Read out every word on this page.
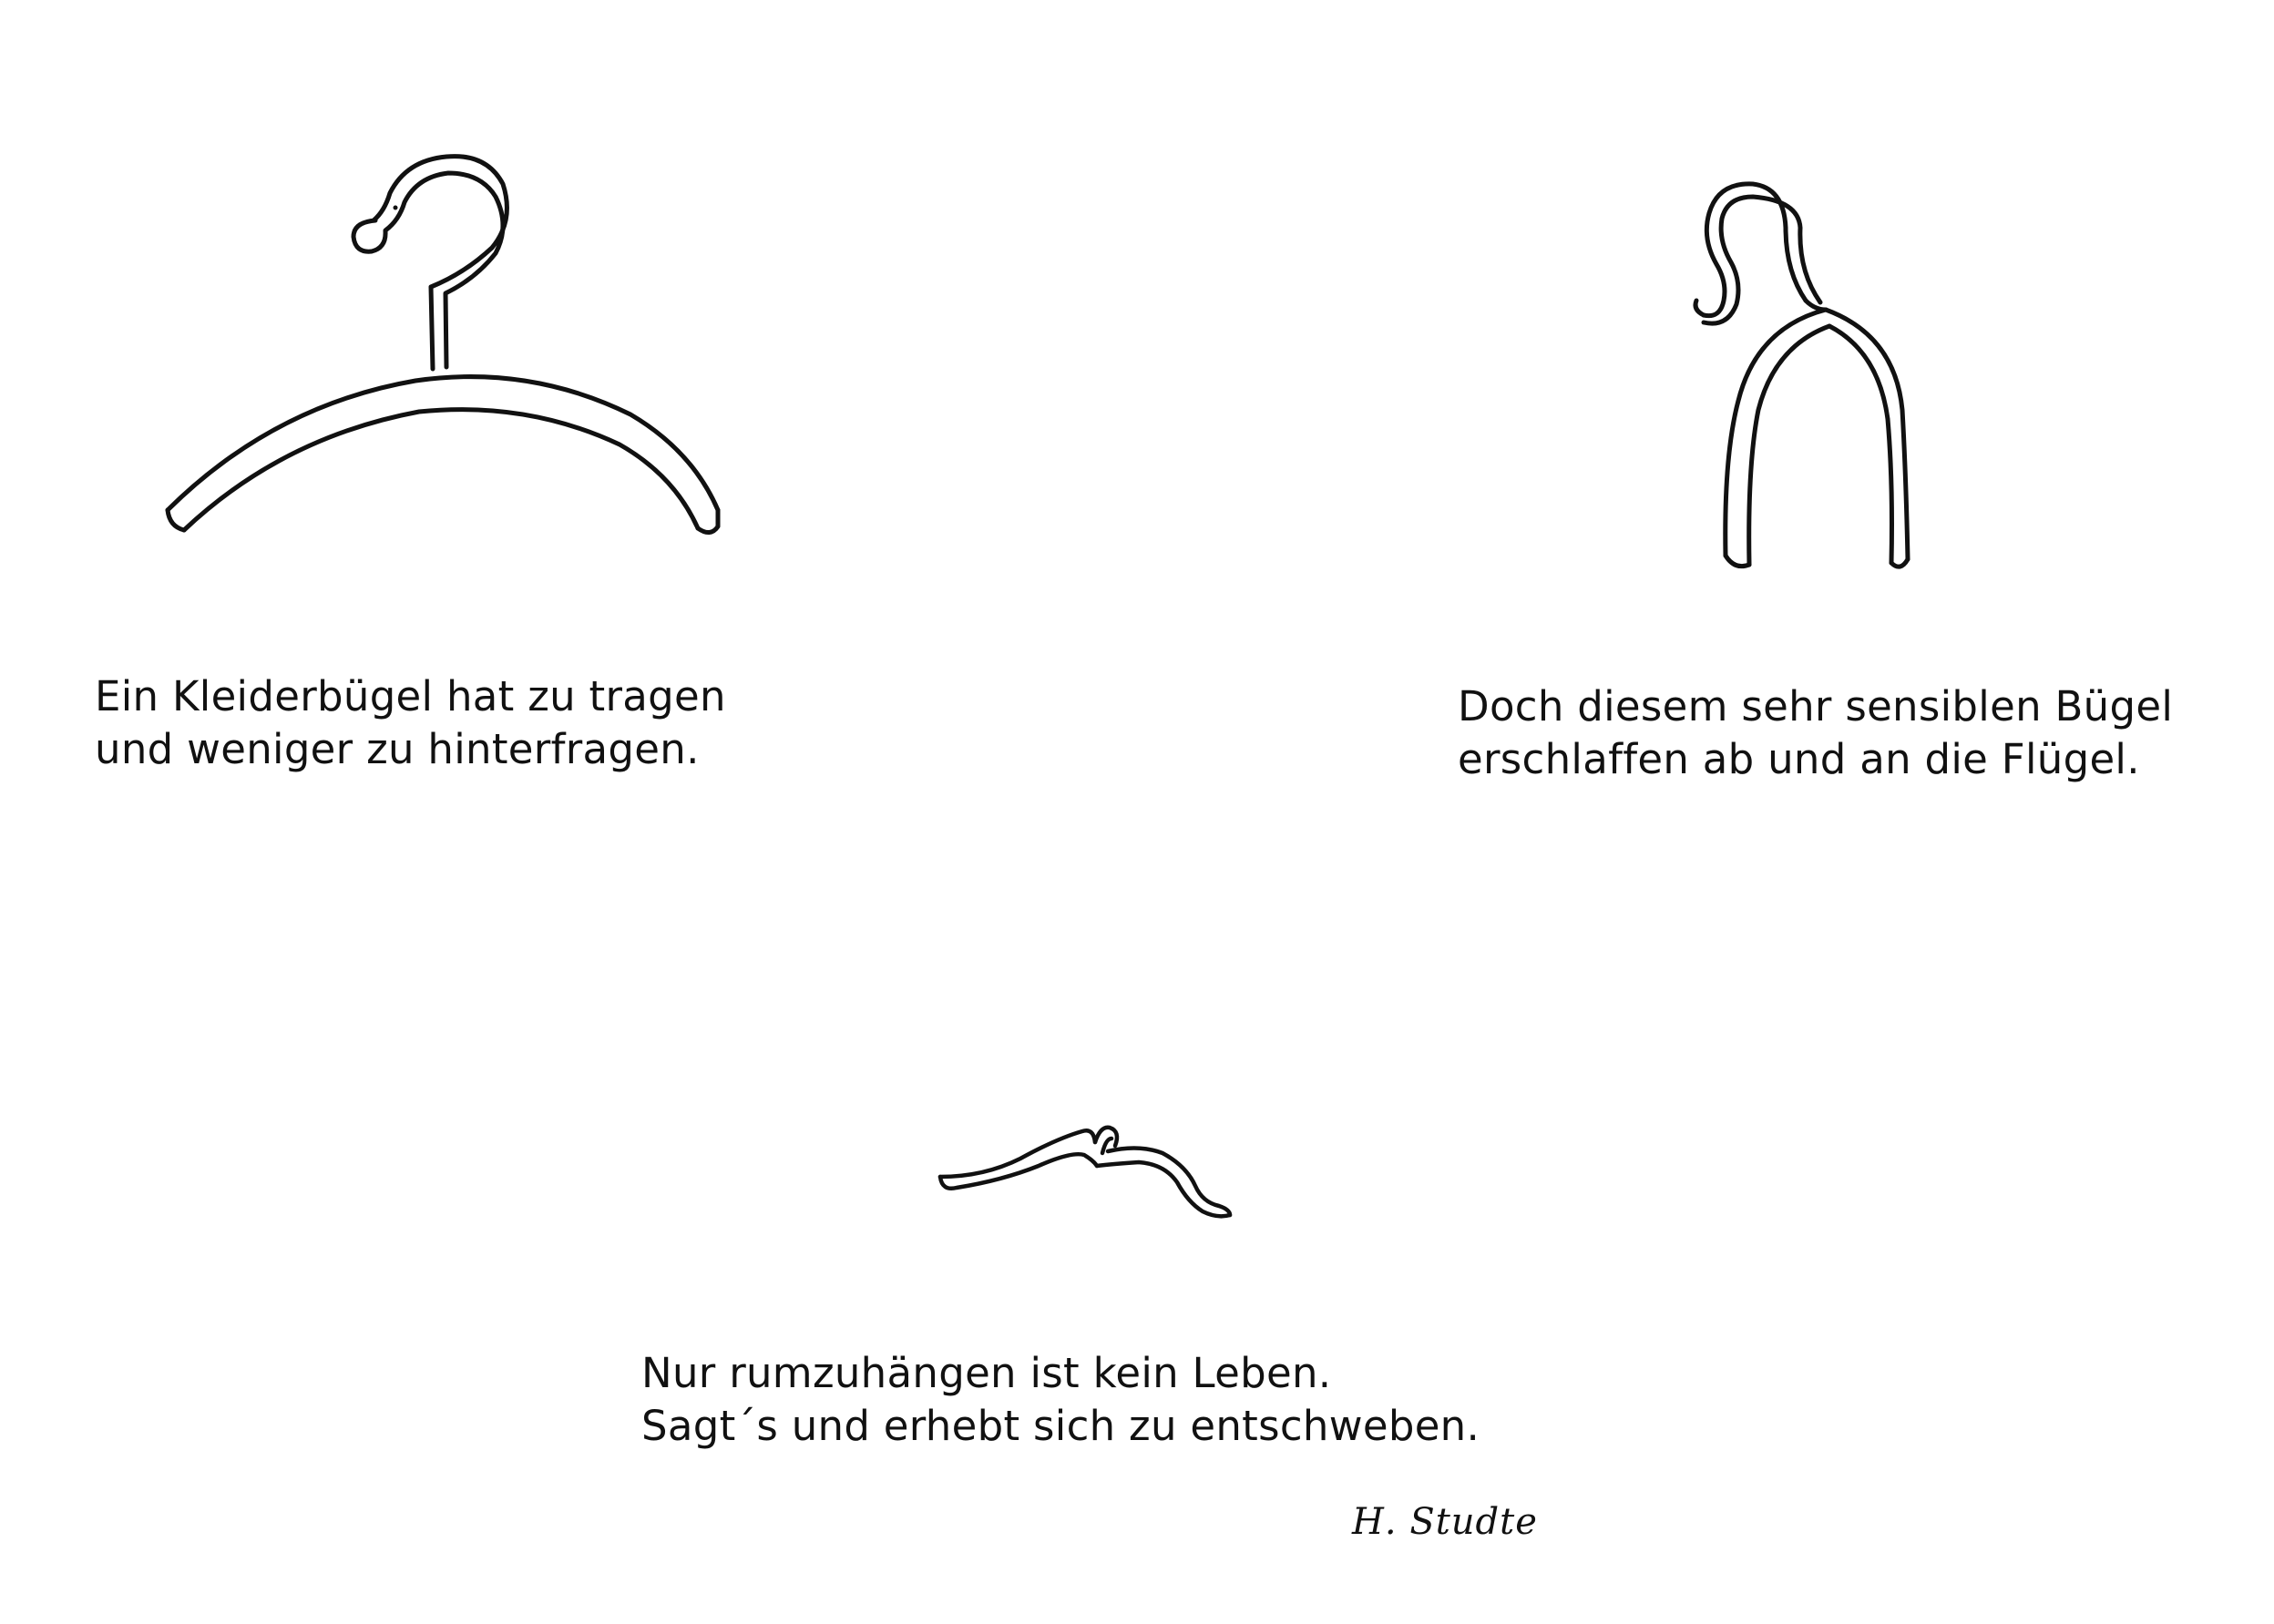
Ein Kleiderbügel hat zu tragen
und weniger zu hinterfragen.
Doch diesem sehr sensiblen Bügel
erschlaffen ab und an die Flügel.
Nur rumzuhängen ist kein Leben.
Sagt´s und erhebt sich zu entschweben.
H. Studte
